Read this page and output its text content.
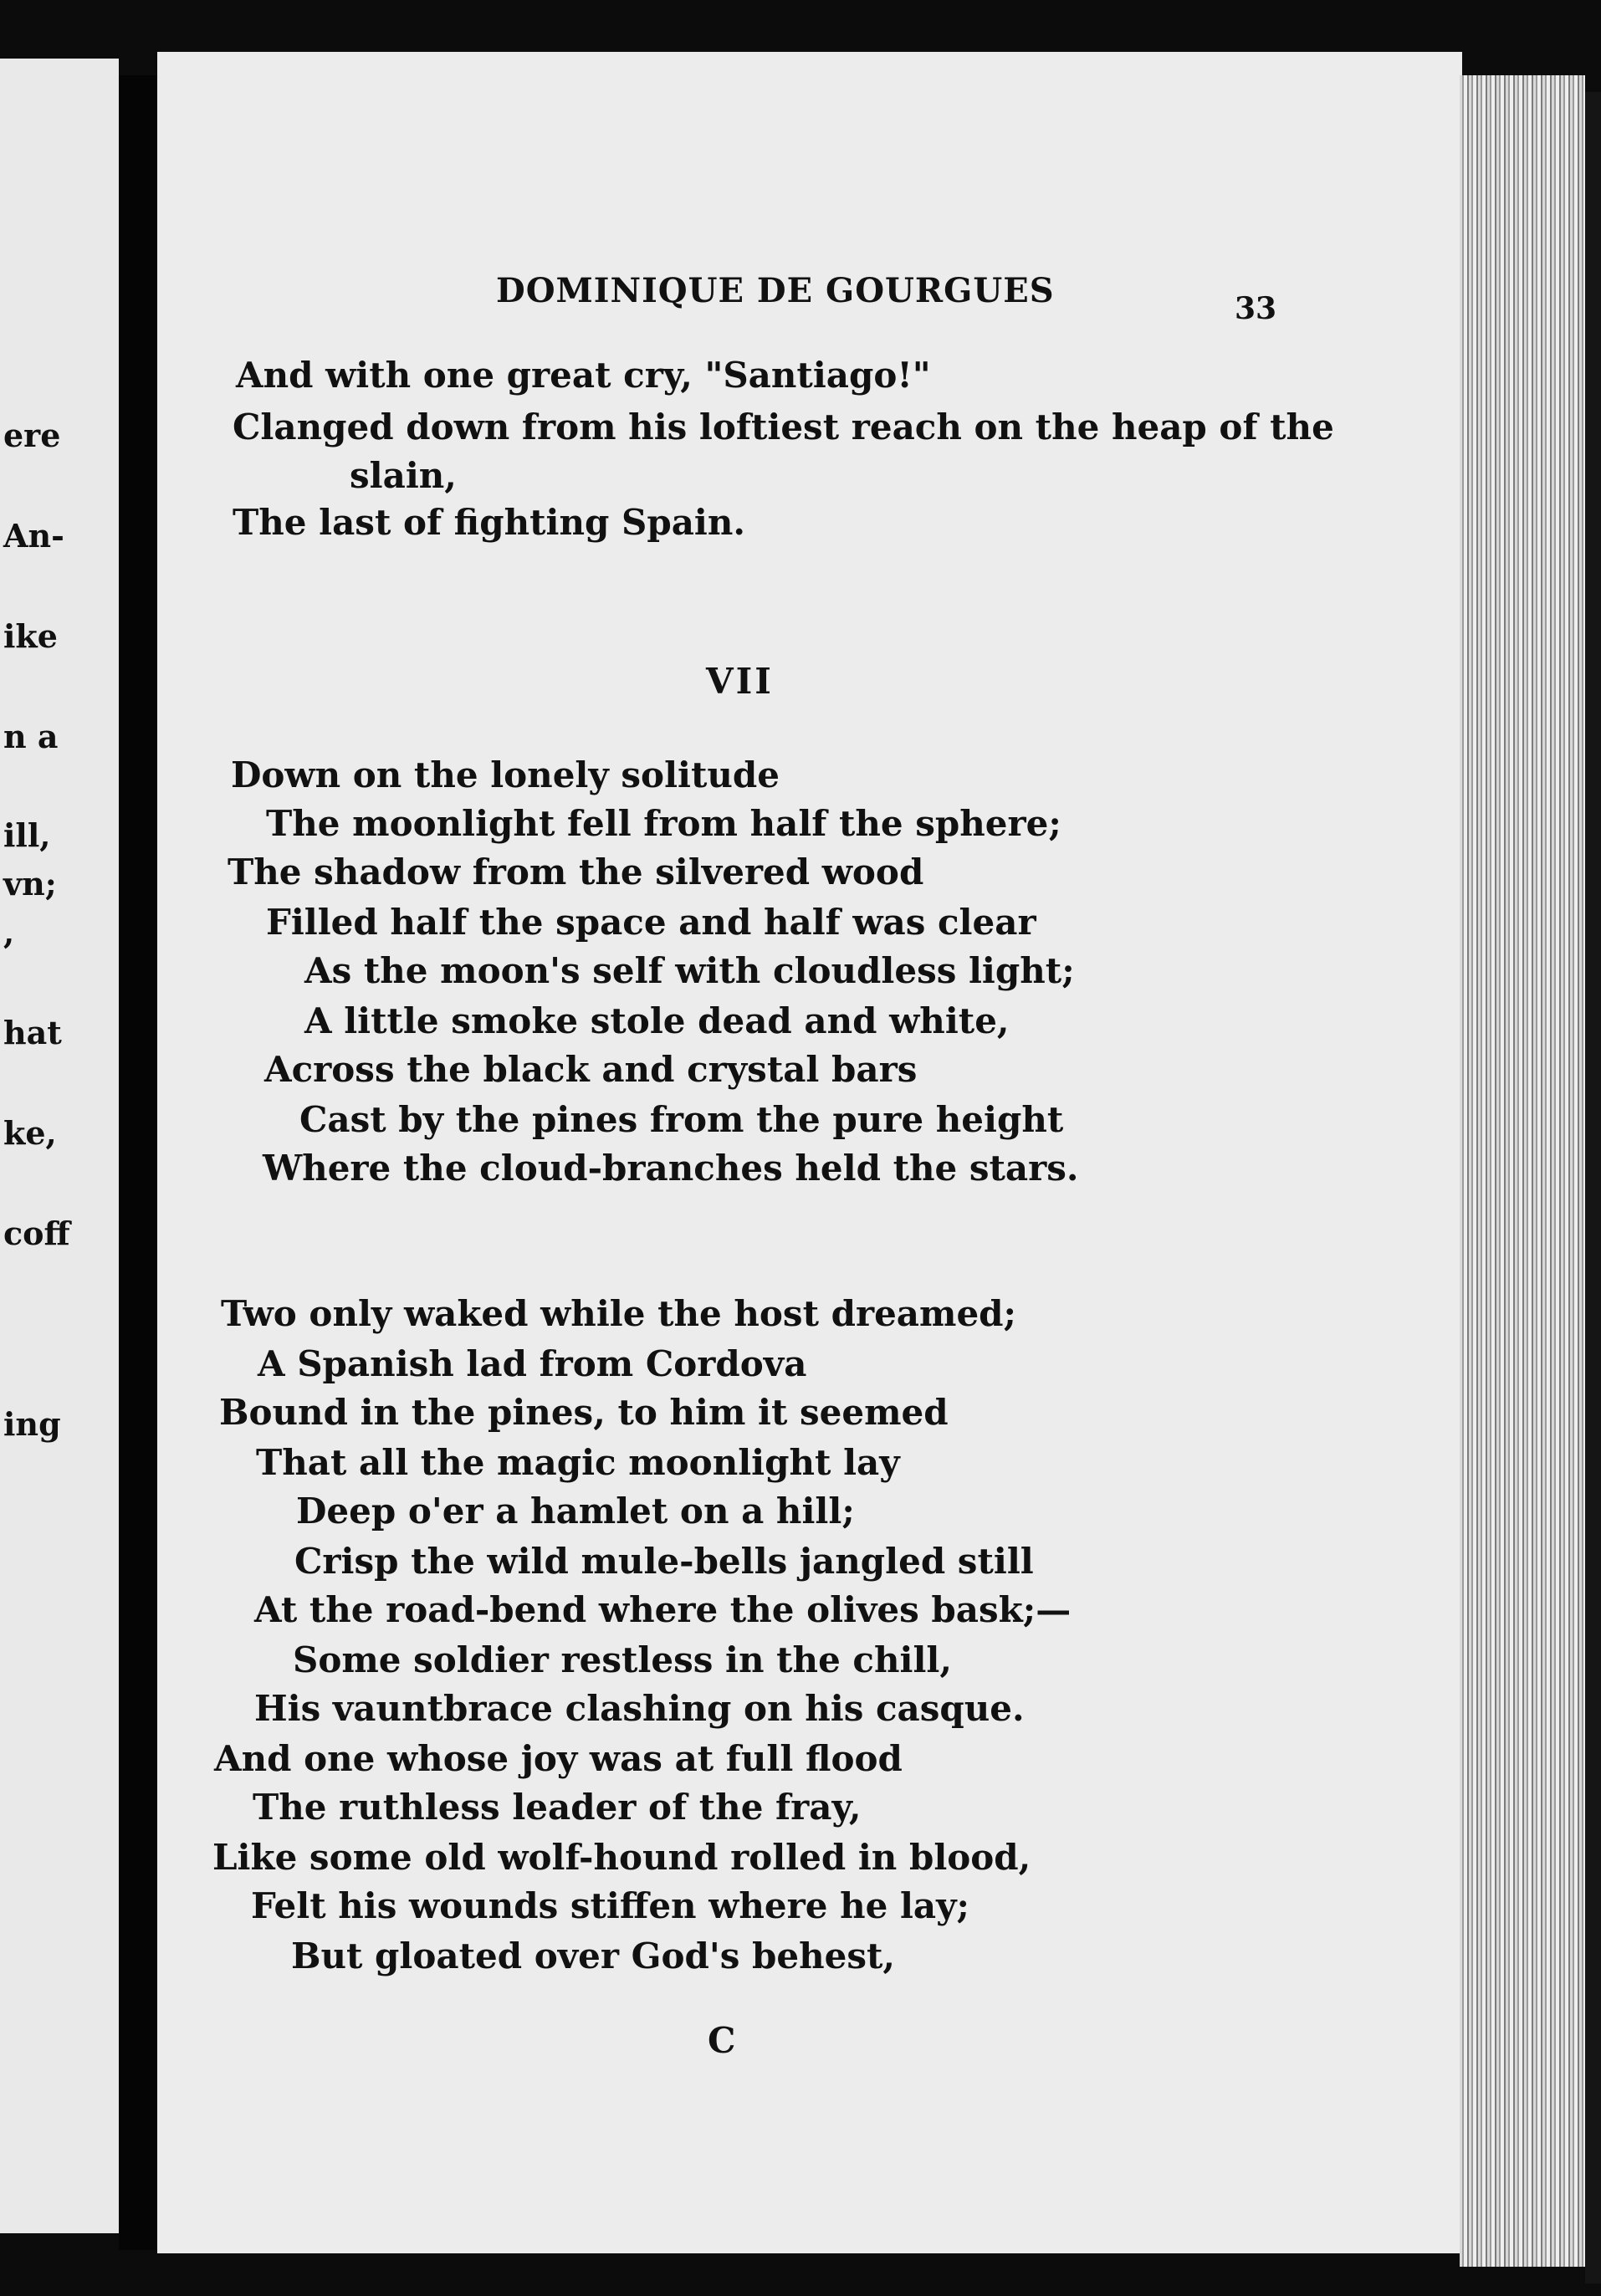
ere
An-
ike
n a
ill,
vn;
,
hat
ke,
coff
ing
DOMINIQUE DE GOURGUES	33
And with one great cry, "Santiago!"
Clanged down from his loftiest reach on the heap of the
slain,
The last of fighting Spain.
VII
Down on the lonely solitude
The moonlight fell from half the sphere;
The shadow from the silvered wood
Filled half the space and half was clear
As the moon's self with cloudless light;
A little smoke stole dead and white,
Across the black and crystal bars
Cast by the pines from the pure height
Where the cloud-branches held the stars.
Two only waked while the host dreamed;
A Spanish lad from Cordova
Bound in the pines, to him it seemed
That all the magic moonlight lay
Deep o'er a hamlet on a hill;
Crisp the wild mule-bells jangled still
At the road-bend where the olives bask;—
Some soldier restless in the chill,
His vauntbrace clashing on his casque.
And one whose joy was at full flood
The ruthless leader of the fray,
Like some old wolf-hound rolled in blood,
Felt his wounds stiffen where he lay;
But gloated over God's behest,
C
